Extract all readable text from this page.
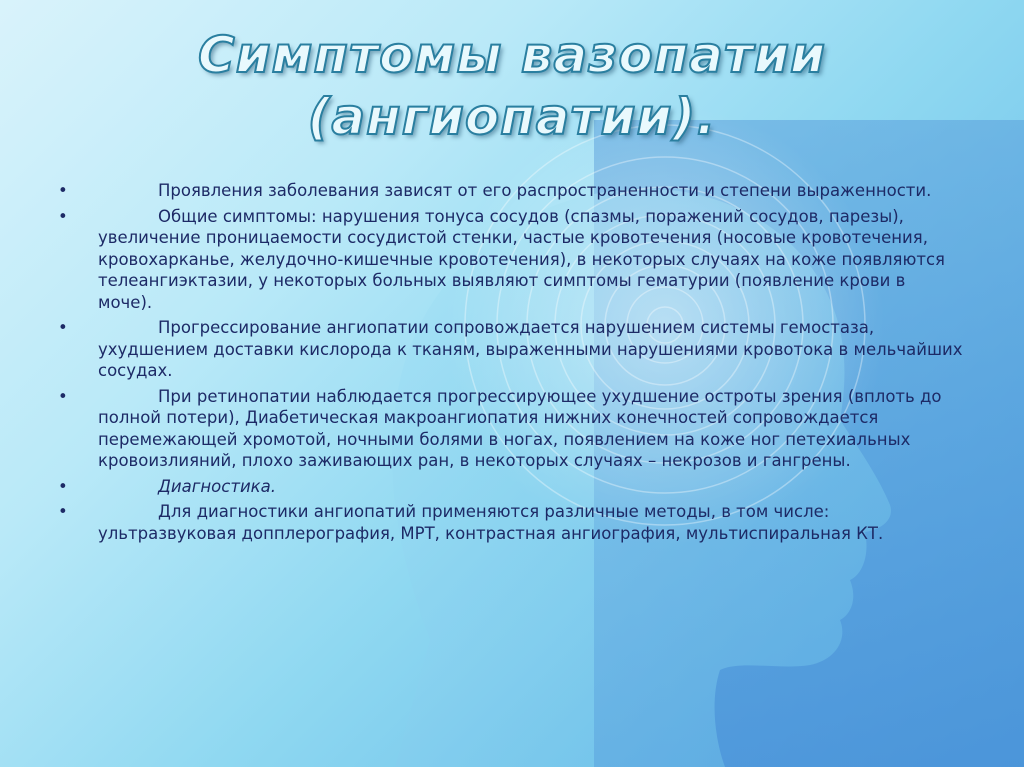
Симптомы вазопатии
(ангиопатии).
•	Проявления заболевания зависят от его распространенности и степени выраженности.
•	Общие симптомы: нарушения тонуса сосудов (спазмы, поражений сосудов, парезы), увеличение проницаемости сосудистой стенки, частые кровотечения (носовые кровотечения, кровохарканье, желудочно-кишечные кровотечения), в некоторых случаях на коже появляются телеангиэктазии, у некоторых больных выявляют симптомы гематурии (появление крови в моче).
•	Прогрессирование ангиопатии сопровождается нарушением системы гемостаза, ухудшением доставки кислорода к тканям, выраженными нарушениями кровотока в мельчайших сосудах.
•	При ретинопатии наблюдается прогрессирующее ухудшение остроты зрения (вплоть до полной потери), Диабетическая макроангиопатия нижних конечностей сопровождается перемежающей хромотой, ночными болями в ногах, появлением на коже ног петехиальных кровоизлияний, плохо заживающих ран, в некоторых случаях – некрозов и гангрены.
•	Диагностика.
•	Для диагностики ангиопатий применяются различные методы, в том числе: ультразвуковая допплерография, МРТ, контрастная ангиография, мультиспиральная КТ.
